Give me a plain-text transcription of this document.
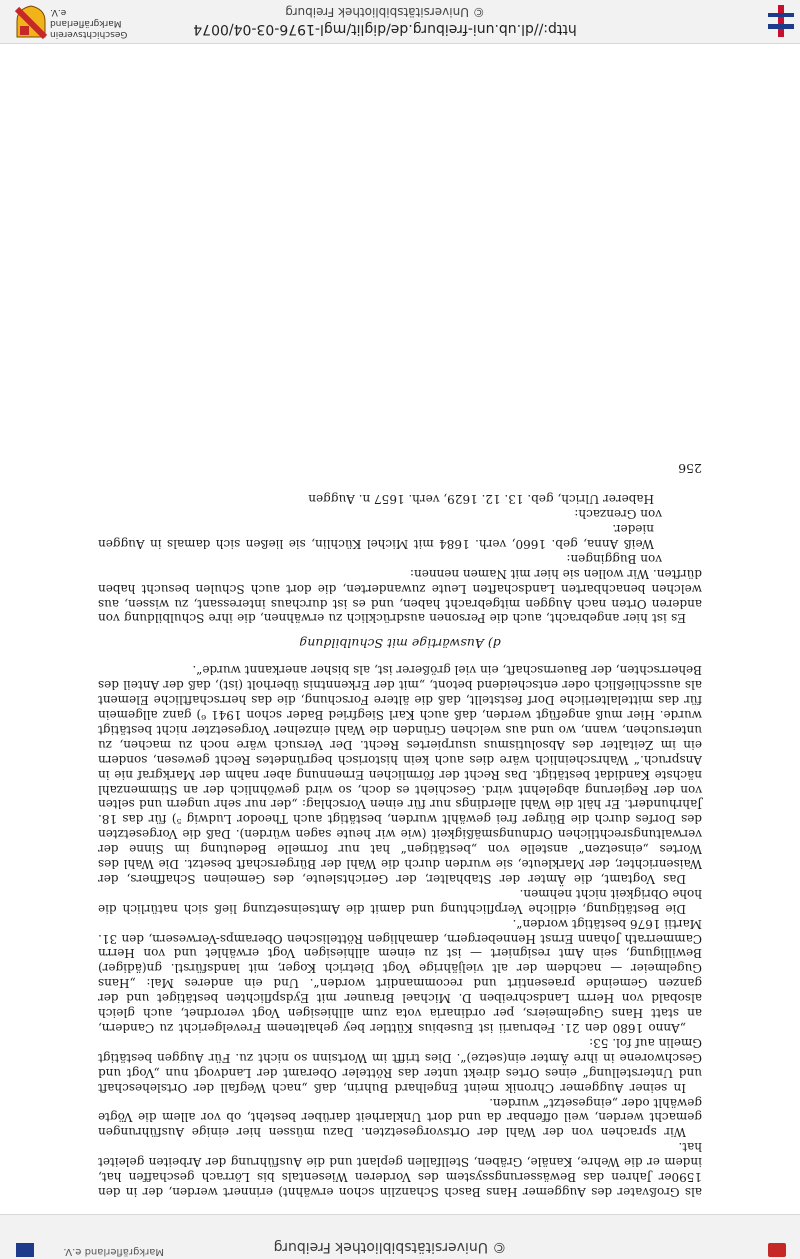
© Universitätsbibliothek Freiburg
Markgräflerland e.V.

als Großvater des Auggemer Hans Basch Schanzlin schon erwähnt) erinnert werden, der in den 1590er Jahren das Bewässerungssystem des Vorderen Wiesentals bis Lörrach geschaffen hat, indem er die Wehre, Kanäle, Gräben, Stellfallen geplant und die Ausführung der Arbeiten geleitet hat.

Wir sprachen von der Wahl der Ortsvorgesetzten. Dazu müssen hier einige Ausführungen gemacht werden, weil offenbar da und dort Unklarheit darüber besteht, ob vor allem die Vögte gewählt oder „eingesetzt“ wurden.

In seiner Auggemer Chronik meint Engelhard Buhrin, daß „nach Wegfall der Ortsleheschaft und Unterstellung“ eines Ortes direkt unter das Rötteler Oberamt der Landvogt nun „Vogt und Geschworene in ihre Ämter ein(setze)“. Dies trifft im Wortsinn so nicht zu. Für Auggen bestätigt Gmelin auf fol. 53:

„Anno 1680 den 21. Februarii ist Eusebius Küttler bey gehaltenem Frevelgericht zu Candern, an statt Hans Gugelmeiers, per ordinaria vota zum allhiesigen Vogt verordnet, auch gleich alsobald von Herrn Landschreiben D. Michael Brauner mit Eydspflichten bestätiget und der ganzen Gemeinde praesentirt und recommandirt worden“. Und ein anderes Mal: „Hans Gugelmeier — nachdem der alt vieljährige Vogt Dietrich Koger, mit landsfürstl. gn(ädiger) Bewilligung, sein Amt resigniert — ist zu einem allhiesigen Vogt erwählet und von Herrn Cammerrath Johann Ernst Hennebergern, damahligen Röttelischen Oberamps-Verwesern, den 31. Martii 1676 bestätigt worden“.

Die Bestätigung, eidliche Verpflichtung und damit die Amtseinsetzung ließ sich natürlich die hohe Obrigkeit nicht nehmen.

Das Vogtamt, die Ämter der Stabhalter, der Gerichtsleute, des Gemeinen Schaffners, der Waisenrichter, der Markleute, sie wurden durch die Wahl der Bürgerschaft besetzt. Die Wahl des Wortes „einsetzen“ anstelle von „bestätigen“ hat nur formelle Bedeutung im Sinne der verwaltungsrechtlichen Ordnungsmäßigkeit (wie wir heute sagen würden). Daß die Vorgesetzten des Dorfes durch die Bürger frei gewählt wurden, bestätigt auch Theodor Ludwig ⁵) für das 18. Jahrhundert. Er hält die Wahl allerdings nur für einen Vorschlag: „der nur sehr ungern und selten von der Regierung abgelehnt wird. Geschieht es doch, so wird gewöhnlich der an Stimmenzahl nächste Kandidat bestätigt. Das Recht der förmlichen Ernennung aber nahm der Markgraf nie in Anspruch.“ Wahrscheinlich wäre dies auch kein historisch begründetes Recht gewesen, sondern ein im Zeitalter des Absolutismus usurpiertes Recht. Der Versuch wäre noch zu machen, zu untersuchen, wann, wo und aus welchen Gründen die Wahl einzelner Vorgesetzter nicht bestätigt wurde. Hier muß angefügt werden, daß auch Karl Siegfried Bader schon 1941 ⁶) ganz allgemein für das mittelalterliche Dorf feststellt, daß die ältere Forschung, die das herrschaftliche Element als ausschließlich oder entscheidend betont, „mit der Erkenntnis überholt (ist), daß der Anteil des Beherrschten, der Bauernschaft, ein viel größerer ist, als bisher anerkannt wurde“.

d) Auswärtige mit Schulbildung

Es ist hier angebracht, auch die Personen ausdrücklich zu erwähnen, die ihre Schulbildung von anderen Orten nach Auggen mitgebracht haben, und es ist durchaus interessant, zu wissen, aus welchen benachbarten Landschaften Leute zuwanderten, die dort auch Schulen besucht haben dürften. Wir wollen sie hier mit Namen nennen:

von Buggingen:

Weiß Anna, geb. 1660, verh. 1684 mit Michel Küchlin, sie ließen sich damals in Auggen nieder.

von Grenzach:

Haberer Ulrich, geb. 13. 12. 1629, verh. 1657 n. Auggen

256
http://dl.ub.uni-freiburg.de/diglit/mgl-1976-03-04/0074
© Universitätsbibliothek Freiburg
Geschichtsverein
Markgräflerland e.V.
